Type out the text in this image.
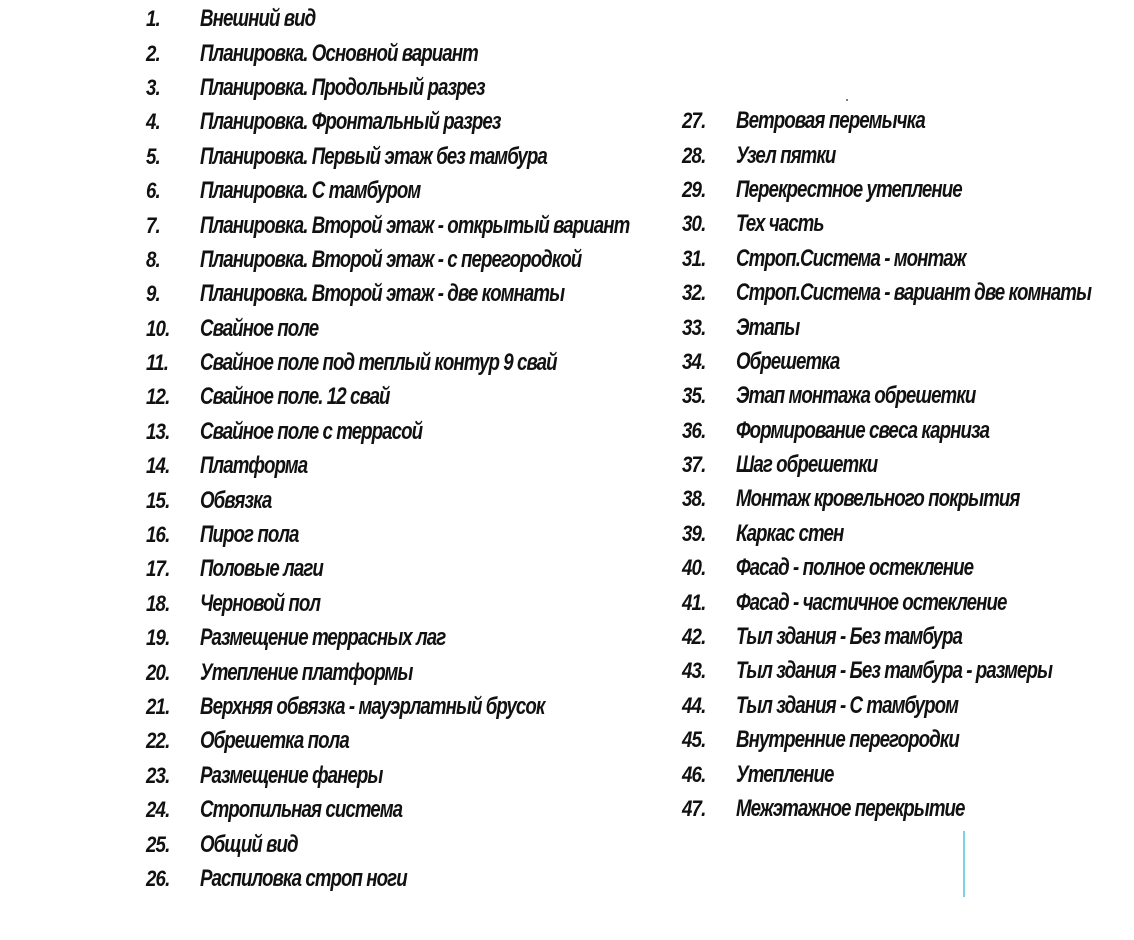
1.	Внешний вид
2.	Планировка. Основной вариант
3.	Планировка. Продольный разрез
4.	Планировка. Фронтальный разрез
5.	Планировка. Первый этаж без тамбура
6.	Планировка. С тамбуром
7.	Планировка. Второй этаж - открытый вариант
8.	Планировка. Второй этаж - с перегородкой
9.	Планировка. Второй этаж - две комнаты
10.	Свайное поле
11.	Свайное поле под теплый контур 9 свай
12.	Свайное поле. 12 свай
13.	Свайное поле с террасой
14.	Платформа
15.	Обвязка
16.	Пирог пола
17.	Половые лаги
18.	Черновой пол
19.	Размещение террасных лаг
20.	Утепление платформы
21.	Верхняя обвязка - мауэрлатный брусок
22.	Обрешетка пола
23.	Размещение фанеры
24.	Стропильная система
25.	Общий вид
26.	Распиловка строп ноги
27.	Ветровая перемычка
28.	Узел пятки
29.	Перекрестное утепление
30.	Тех часть
31.	Строп.Система - монтаж
32.	Строп.Система - вариант две комнаты
33.	Этапы
34.	Обрешетка
35.	Этап монтажа обрешетки
36.	Формирование свеса карниза
37.	Шаг обрешетки
38.	Монтаж кровельного покрытия
39.	Каркас стен
40.	Фасад - полное остекление
41.	Фасад - частичное остекление
42.	Тыл здания - Без тамбура
43.	Тыл здания - Без тамбура - размеры
44.	Тыл здания - С тамбуром
45.	Внутренние перегородки
46.	Утепление
47.	Межэтажное перекрытие
